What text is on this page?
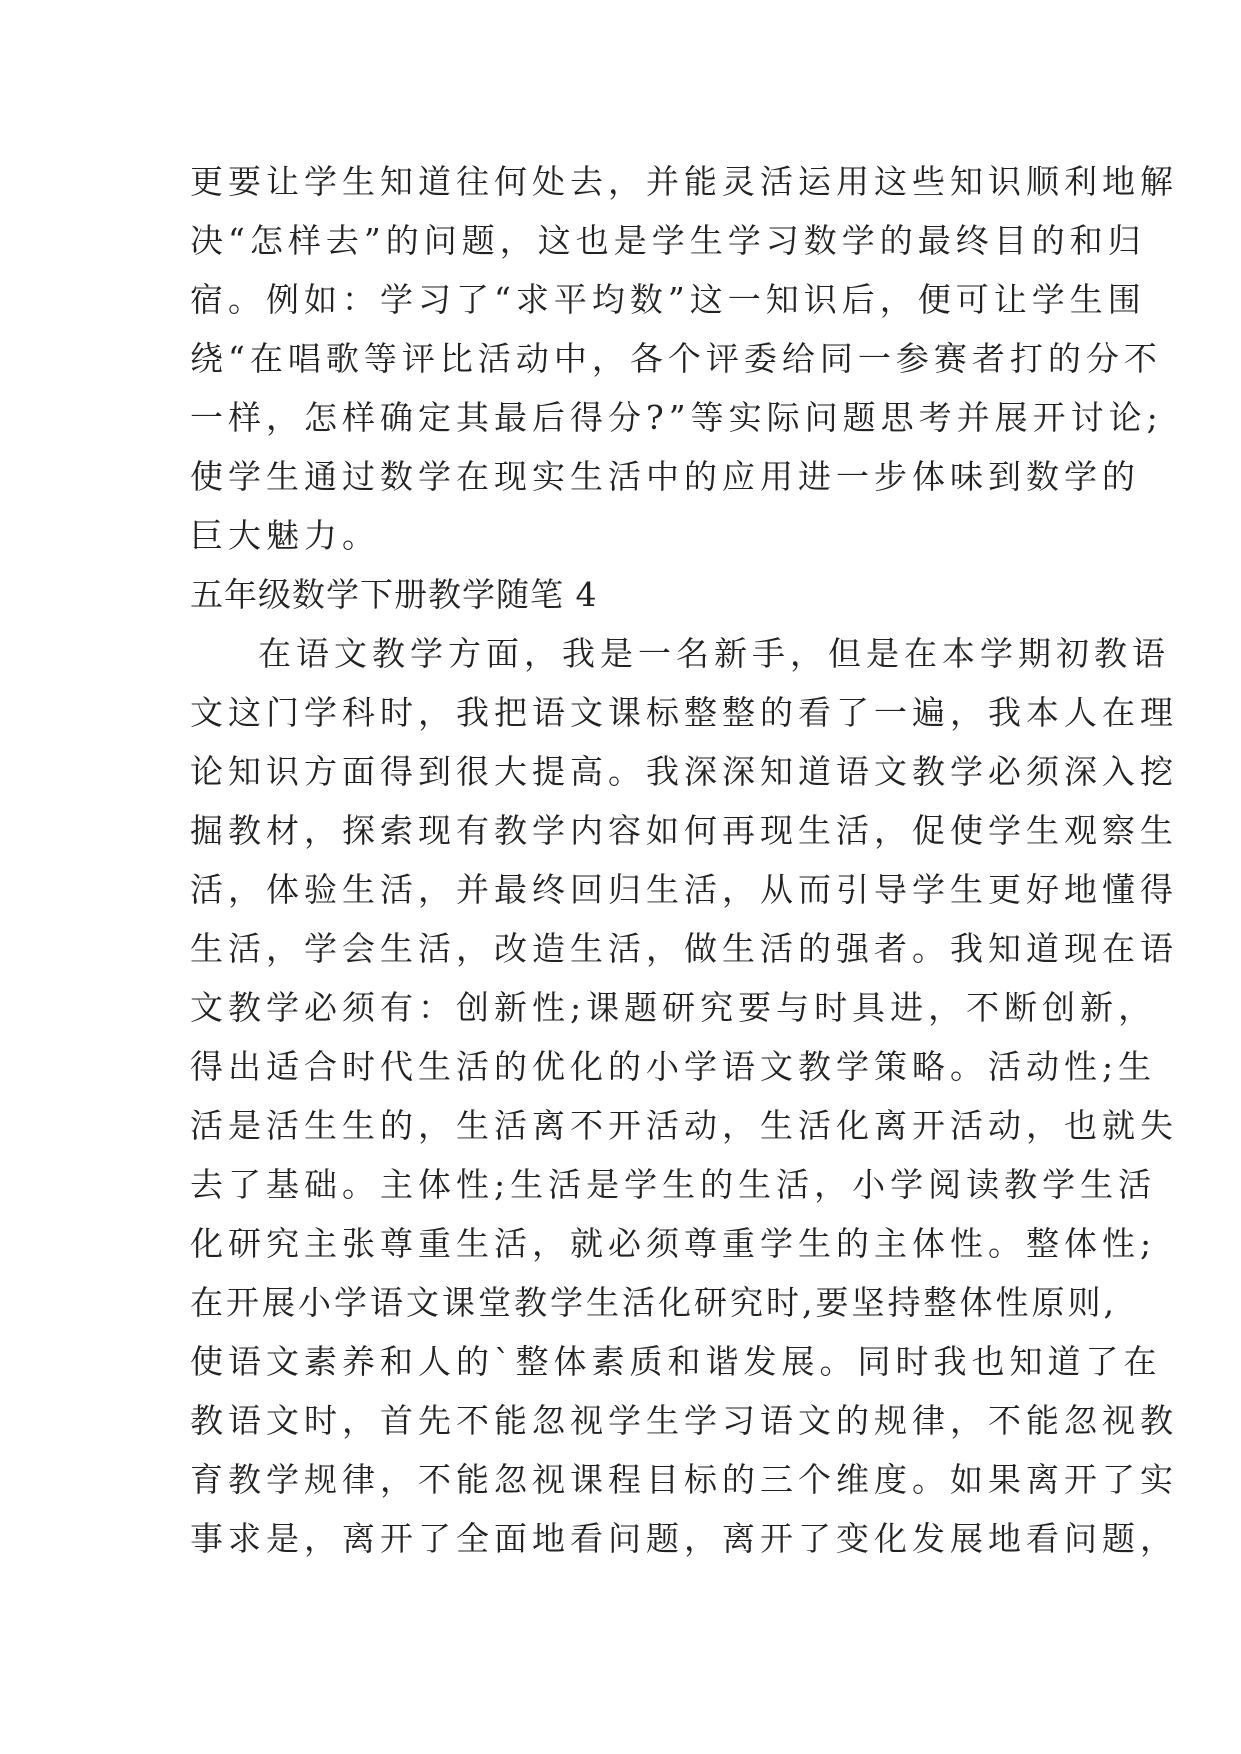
更要让学生知道往何处去，并能灵活运用这些知识顺利地解
决“怎样去”的问题，这也是学生学习数学的最终目的和归
宿。例如：学习了“求平均数”这一知识后，便可让学生围
绕“在唱歌等评比活动中，各个评委给同一参赛者打的分不
一样，怎样确定其最后得分?”等实际问题思考并展开讨论;
使学生通过数学在现实生活中的应用进一步体味到数学的
巨大魅力。
五年级数学下册教学随笔 4
在语文教学方面，我是一名新手，但是在本学期初教语
文这门学科时，我把语文课标整整的看了一遍，我本人在理
论知识方面得到很大提高。我深深知道语文教学必须深入挖
掘教材，探索现有教学内容如何再现生活，促使学生观察生
活，体验生活，并最终回归生活，从而引导学生更好地懂得
生活，学会生活，改造生活，做生活的强者。我知道现在语
文教学必须有：创新性;课题研究要与时具进，不断创新，
得出适合时代生活的优化的小学语文教学策略。活动性;生
活是活生生的，生活离不开活动，生活化离开活动，也就失
去了基础。主体性;生活是学生的生活，小学阅读教学生活
化研究主张尊重生活，就必须尊重学生的主体性。整体性;
在开展小学语文课堂教学生活化研究时,要坚持整体性原则,
使语文素养和人的`整体素质和谐发展。同时我也知道了在
教语文时，首先不能忽视学生学习语文的规律，不能忽视教
育教学规律，不能忽视课程目标的三个维度。如果离开了实
事求是，离开了全面地看问题，离开了变化发展地看问题，
